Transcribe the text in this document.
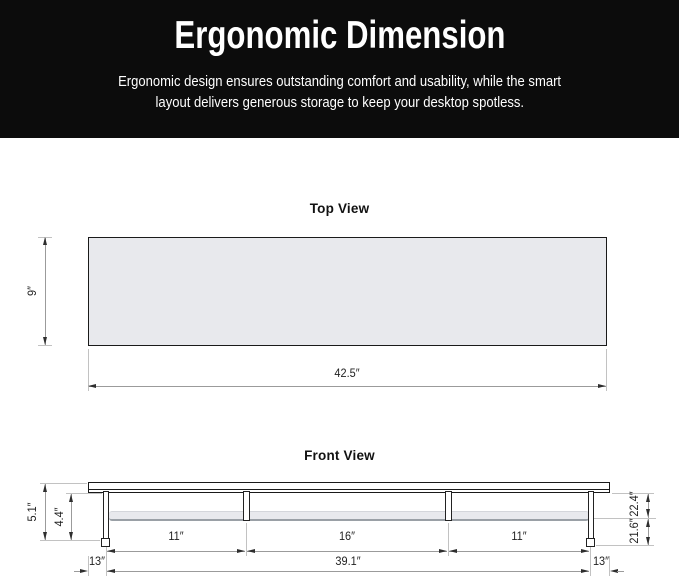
Ergonomic Dimension
Ergonomic design ensures outstanding comfort and usability, while the smart
layout delivers generous storage to keep your desktop spotless.
Top View
9″
42.5″
Front View
5.1″ 4.4″
22.4″
21.6″
11″	16″	11″
13″	39.1″	13″
